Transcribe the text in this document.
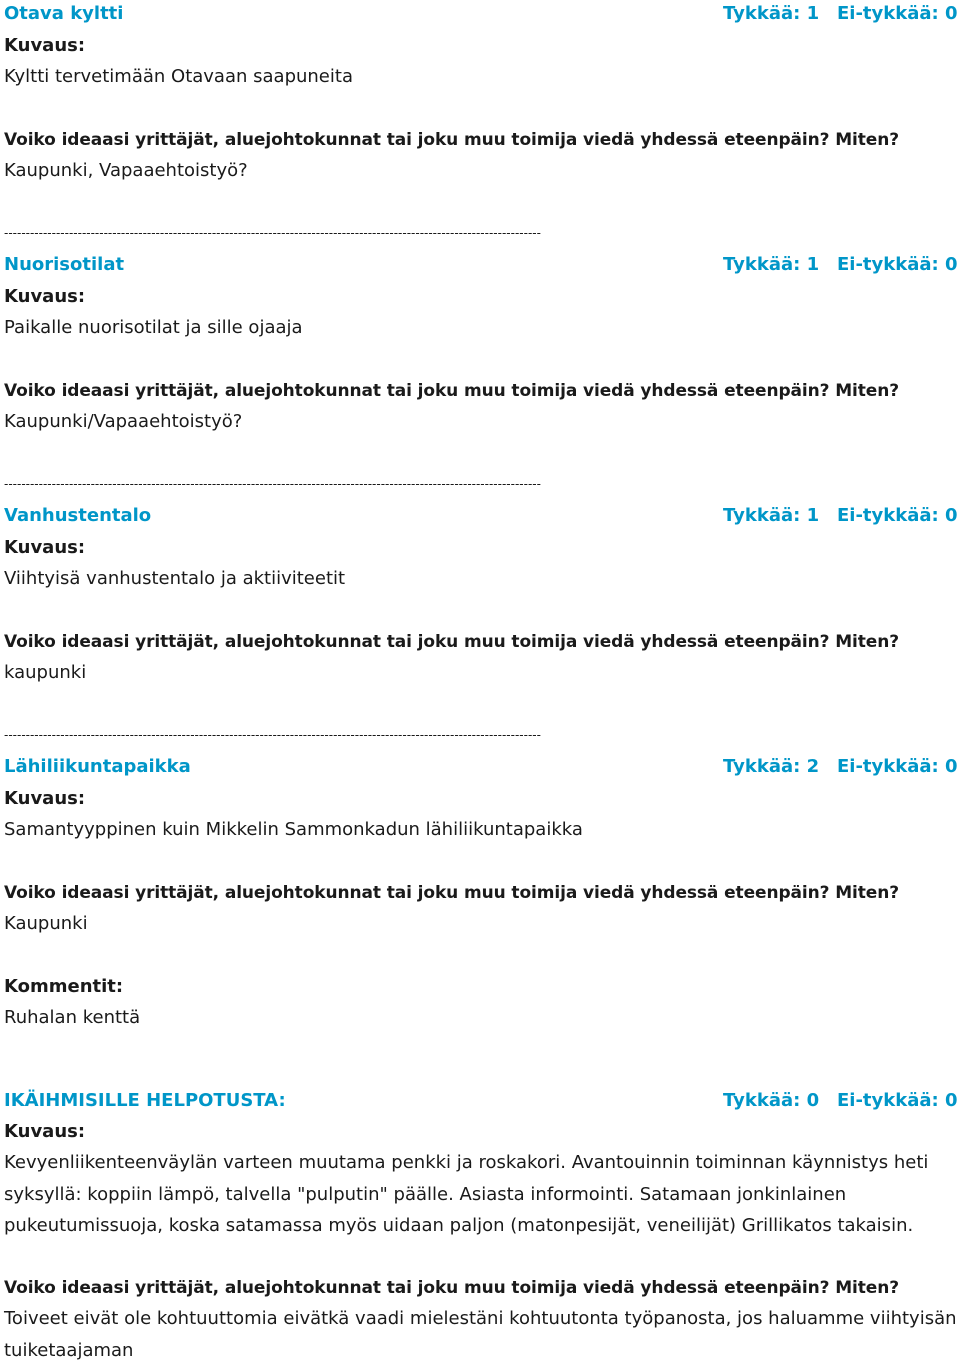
Otava kyltti	Tykkää: 1 Ei-tykkää: 0
Kuvaus:
Kyltti tervetimään Otavaan saapuneita
Voiko ideaasi yrittäjät, aluejohtokunnat tai joku muu toimija viedä yhdessä eteenpäin? Miten?
Kaupunki, Vapaaehtoistyö?
----------------------------------------------------------------------------------------------------------------------------
Nuorisotilat	Tykkää: 1 Ei-tykkää: 0
Kuvaus:
Paikalle nuorisotilat ja sille ojaaja
Voiko ideaasi yrittäjät, aluejohtokunnat tai joku muu toimija viedä yhdessä eteenpäin? Miten?
Kaupunki/Vapaaehtoistyö?
----------------------------------------------------------------------------------------------------------------------------
Vanhustentalo	Tykkää: 1 Ei-tykkää: 0
Kuvaus:
Viihtyisä vanhustentalo ja aktiiviteetit
Voiko ideaasi yrittäjät, aluejohtokunnat tai joku muu toimija viedä yhdessä eteenpäin? Miten?
kaupunki
----------------------------------------------------------------------------------------------------------------------------
Lähiliikuntapaikka	Tykkää: 2 Ei-tykkää: 0
Kuvaus:
Samantyyppinen kuin Mikkelin Sammonkadun lähiliikuntapaikka
Voiko ideaasi yrittäjät, aluejohtokunnat tai joku muu toimija viedä yhdessä eteenpäin? Miten?
Kaupunki
Kommentit:
Ruhalan kenttä
IKÄIHMISILLE HELPOTUSTA:	Tykkää: 0 Ei-tykkää: 0
Kuvaus:
Kevyenliikenteenväylän varteen muutama penkki ja roskakori. Avantouinnin toiminnan käynnistys heti syksyllä: koppiin lämpö, talvella "pulputin" päälle. Asiasta informointi. Satamaan jonkinlainen pukeutumissuoja, koska satamassa myös uidaan paljon (matonpesijät, veneilijät) Grillikatos takaisin.
Voiko ideaasi yrittäjät, aluejohtokunnat tai joku muu toimija viedä yhdessä eteenpäin? Miten?
Toiveet eivät ole kohtuuttomia eivätkä vaadi mielestäni kohtuutonta työpanosta, jos haluamme viihtyisän tuiketaajaman
